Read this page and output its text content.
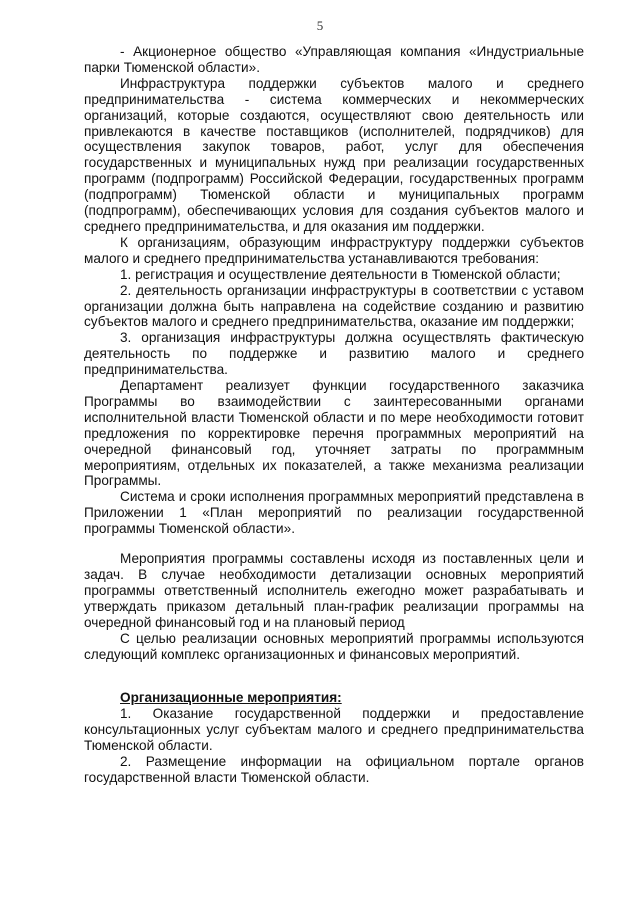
5

- Акционерное общество «Управляющая компания «Индустриальные парки Тюменской области».

Инфраструктура поддержки субъектов малого и среднего предпринимательства - система коммерческих и некоммерческих организаций, которые создаются, осуществляют свою деятельность или привлекаются в качестве поставщиков (исполнителей, подрядчиков) для осуществления закупок товаров, работ, услуг для обеспечения государственных и муниципальных нужд при реализации государственных программ (подпрограмм) Российской Федерации, государственных программ (подпрограмм) Тюменской области и муниципальных программ (подпрограмм), обеспечивающих условия для создания субъектов малого и среднего предпринимательства, и для оказания им поддержки.

К организациям, образующим инфраструктуру поддержки субъектов малого и среднего предпринимательства устанавливаются требования:

1. регистрация и осуществление деятельности в Тюменской области;

2. деятельность организации инфраструктуры в соответствии с уставом организации должна быть направлена на содействие созданию и развитию субъектов малого и среднего предпринимательства, оказание им поддержки;

3. организация инфраструктуры должна осуществлять фактическую деятельность по поддержке и развитию малого и среднего предпринимательства.

Департамент реализует функции государственного заказчика Программы во взаимодействии с заинтересованными органами исполнительной власти Тюменской области и по мере необходимости готовит предложения по корректировке перечня программных мероприятий на очередной финансовый год, уточняет затраты по программным мероприятиям, отдельных их показателей, а также механизма реализации Программы.

Система и сроки исполнения программных мероприятий представлена в Приложении 1 «План мероприятий по реализации государственной программы Тюменской области».

Мероприятия программы составлены исходя из поставленных цели и задач. В случае необходимости детализации основных мероприятий программы ответственный исполнитель ежегодно может разрабатывать и утверждать приказом детальный план-график реализации программы на очередной финансовый год и на плановый период

С целью реализации основных мероприятий программы используются следующий комплекс организационных и финансовых мероприятий.

Организационные мероприятия:

1. Оказание государственной поддержки и предоставление консультационных услуг субъектам малого и среднего предпринимательства Тюменской области.

2. Размещение информации на официальном портале органов государственной власти Тюменской области.
